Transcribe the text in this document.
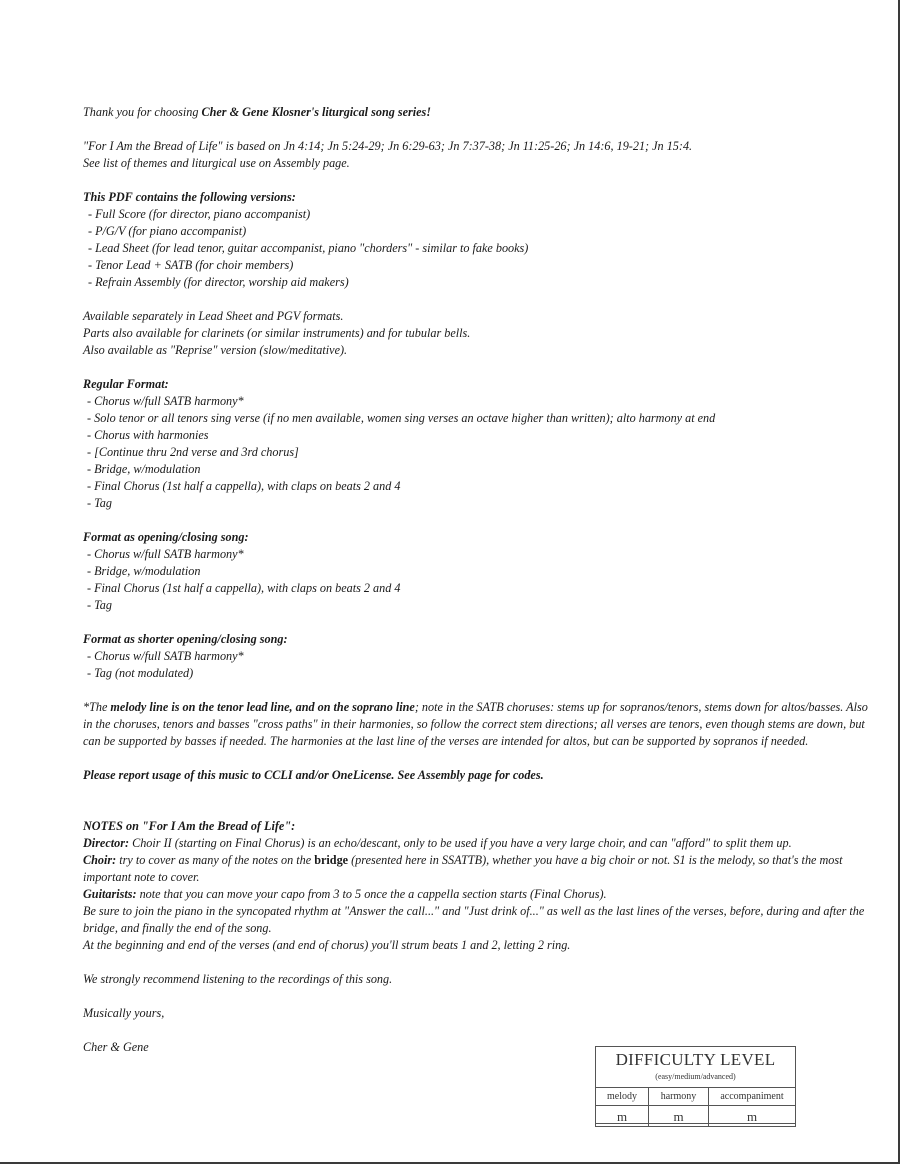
Thank you for choosing Cher & Gene Klosner's liturgical song series!
"For I Am the Bread of Life" is based on Jn 4:14; Jn 5:24-29; Jn 6:29-63; Jn 7:37-38; Jn 11:25-26; Jn 14:6, 19-21; Jn 15:4.
See list of themes and liturgical use on Assembly page.
This PDF contains the following versions:
- Full Score (for director, piano accompanist)
- P/G/V (for piano accompanist)
- Lead Sheet (for lead tenor, guitar accompanist, piano "chorders" - similar to fake books)
- Tenor Lead + SATB (for choir members)
- Refrain Assembly (for director, worship aid makers)
Available separately in Lead Sheet and PGV formats.
Parts also available for clarinets (or similar instruments) and for tubular bells.
Also available as "Reprise" version (slow/meditative).
Regular Format:
- Chorus w/full SATB harmony*
- Solo tenor or all tenors sing verse (if no men available, women sing verses an octave higher than written); alto harmony at end
- Chorus with harmonies
- [Continue thru 2nd verse and 3rd chorus]
- Bridge, w/modulation
- Final Chorus (1st half a cappella), with claps on beats 2 and 4
- Tag
Format as opening/closing song:
- Chorus w/full SATB harmony*
- Bridge, w/modulation
- Final Chorus (1st half a cappella), with claps on beats 2 and 4
- Tag
Format as shorter opening/closing song:
- Chorus w/full SATB harmony*
- Tag (not modulated)
*The melody line is on the tenor lead line, and on the soprano line; note in the SATB choruses: stems up for sopranos/tenors, stems down for altos/basses. Also in the choruses, tenors and basses "cross paths" in their harmonies, so follow the correct stem directions; all verses are tenors, even though stems are down, but can be supported by basses if needed. The harmonies at the last line of the verses are intended for altos, but can be supported by sopranos if needed.
Please report usage of this music to CCLI and/or OneLicense. See Assembly page for codes.
NOTES on "For I Am the Bread of Life":
Director: Choir II (starting on Final Chorus) is an echo/descant, only to be used if you have a very large choir, and can "afford" to split them up.
Choir: try to cover as many of the notes on the bridge (presented here in SSATTB), whether you have a big choir or not. S1 is the melody, so that's the most important note to cover.
Guitarists: note that you can move your capo from 3 to 5 once the a cappella section starts (Final Chorus).
Be sure to join the piano in the syncopated rhythm at "Answer the call..." and "Just drink of..." as well as the last lines of the verses, before, during and after the bridge, and finally the end of the song.
At the beginning and end of the verses (and end of chorus) you'll strum beats 1 and 2, letting 2 ring.
We strongly recommend listening to the recordings of this song.
Musically yours,
Cher & Gene
DIFFICULTY LEVEL
(easy/medium/advanced)
melody	harmony	accompaniment
m	m	m
